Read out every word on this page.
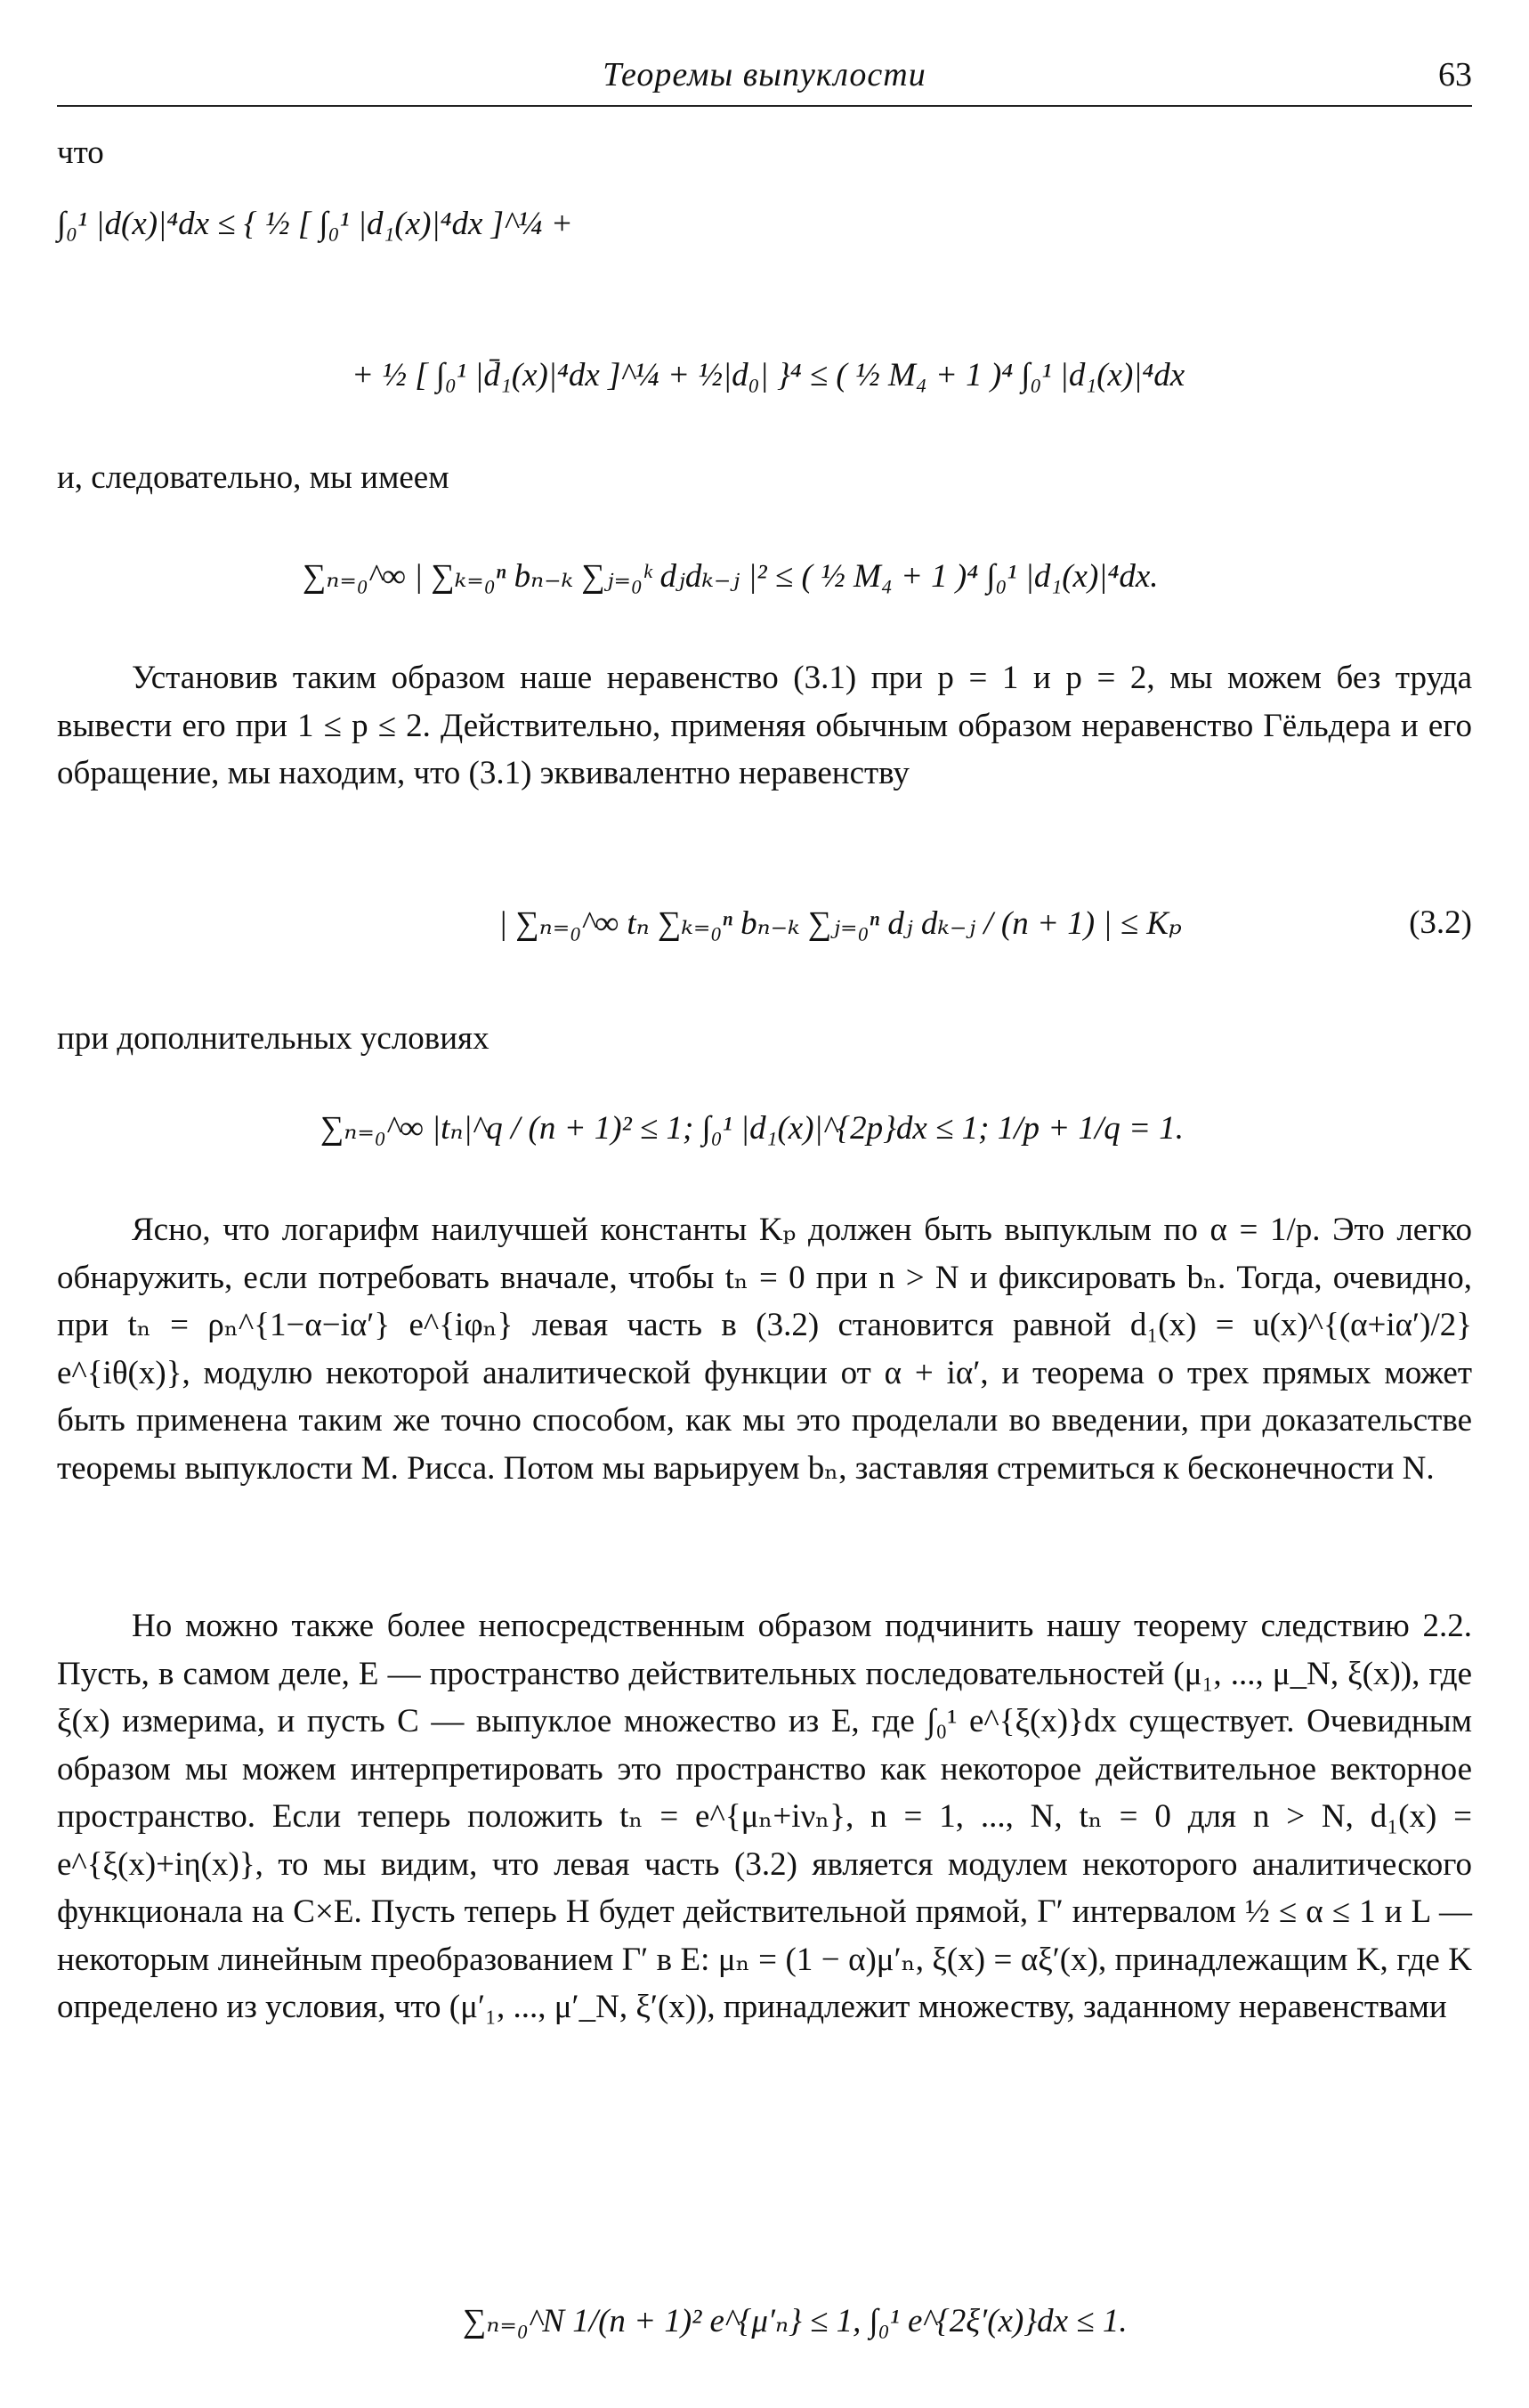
Теоремы выпуклости	63
что
∫₀¹ |d(x)|⁴dx ≤ { ½ [ ∫₀¹ |d₁(x)|⁴dx ]^¼ +
+ ½ [ ∫₀¹ |d̄₁(x)|⁴dx ]^¼ + ½|d₀| }⁴ ≤ ( ½ M₄ + 1 )⁴ ∫₀¹ |d₁(x)|⁴dx
и, следовательно, мы имеем
∑ₙ₌₀^∞ | ∑ₖ₌₀ⁿ bₙ₋ₖ ∑ⱼ₌₀ᵏ dⱼdₖ₋ⱼ |² ≤ ( ½ M₄ + 1 )⁴ ∫₀¹ |d₁(x)|⁴dx.
Установив таким образом наше неравенство (3.1) при p = 1 и p = 2, мы можем без труда вывести его при 1 ≤ p ≤ 2. Действительно, применяя обычным образом неравенство Гёльдера и его обращение, мы находим, что (3.1) эквивалентно неравенству
| ∑ₙ₌₀^∞ tₙ ∑ₖ₌₀ⁿ bₙ₋ₖ ∑ⱼ₌₀ⁿ dⱼ dₖ₋ⱼ / (n + 1) | ≤ Kₚ	(3.2)
при дополнительных условиях
∑ₙ₌₀^∞ |tₙ|^q / (n + 1)² ≤ 1; ∫₀¹ |d₁(x)|^{2p}dx ≤ 1; 1/p + 1/q = 1.
Ясно, что логарифм наилучшей константы Kₚ должен быть выпуклым по α = 1/p. Это легко обнаружить, если потребовать вначале, чтобы tₙ = 0 при n > N и фиксировать bₙ. Тогда, очевидно, при tₙ = ρₙ^{1−α−iα′} e^{iφₙ} левая часть в (3.2) становится равной d₁(x) = u(x)^{(α+iα′)/2} e^{iθ(x)}, модулю некоторой аналитической функции от α + iα′, и теорема о трех прямых может быть применена таким же точно способом, как мы это проделали во введении, при доказательстве теоремы выпуклости М. Рисса. Потом мы варьируем bₙ, заставляя стремиться к бесконечности N.
Но можно также более непосредственным образом подчинить нашу теорему следствию 2.2. Пусть, в самом деле, E — пространство действительных последовательностей (μ₁, ..., μ_N, ξ(x)), где ξ(x) измерима, и пусть C — выпуклое множество из E, где ∫₀¹ e^{ξ(x)}dx существует. Очевидным образом мы можем интерпретировать это пространство как некоторое действительное векторное пространство. Если теперь положить tₙ = e^{μₙ+iνₙ}, n = 1, ..., N, tₙ = 0 для n > N, d₁(x) = e^{ξ(x)+iη(x)}, то мы видим, что левая часть (3.2) является модулем некоторого аналитического функционала на C×E. Пусть теперь H будет действительной прямой, Γ′ интервалом ½ ≤ α ≤ 1 и L — некоторым линейным преобразованием Γ′ в E: μₙ = (1 − α)μ′ₙ, ξ(x) = αξ′(x), принадлежащим K, где K определено из условия, что (μ′₁, ..., μ′_N, ξ′(x)), принадлежит множеству, заданному неравенствами
∑ₙ₌₀^N 1/(n + 1)² e^{μ′ₙ} ≤ 1, ∫₀¹ e^{2ξ′(x)}dx ≤ 1.
